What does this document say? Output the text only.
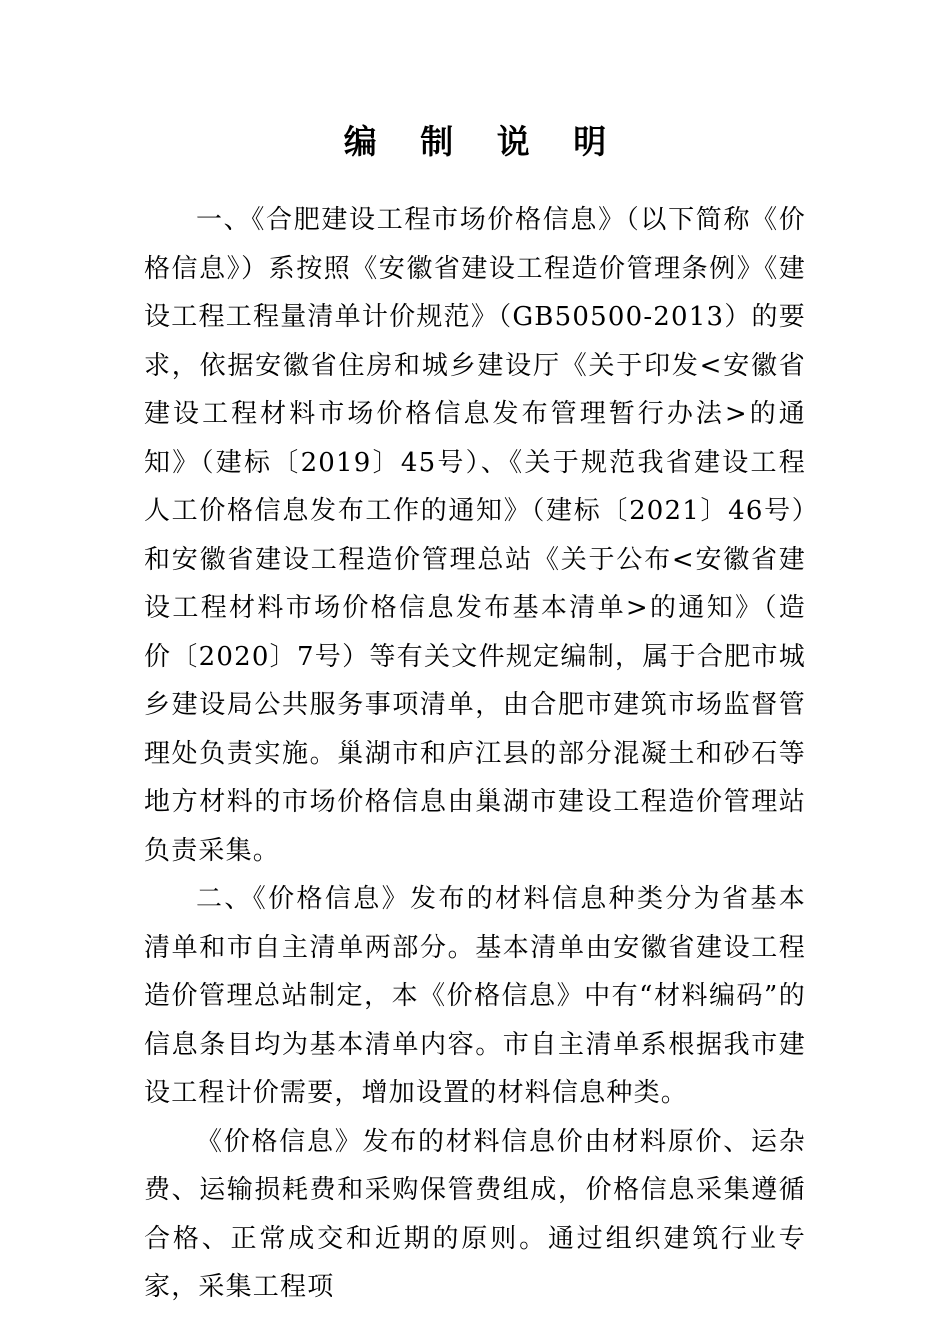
编 制 说 明

一、《合肥建设工程市场价格信息》（以下简称《价格信息》）系按照《安徽省建设工程造价管理条例》《建设工程工程量清单计价规范》（GB50500-2013）的要求，依据安徽省住房和城乡建设厅《关于印发<安徽省建设工程材料市场价格信息发布管理暂行办法>的通知》（建标〔2019〕45号）、《关于规范我省建设工程人工价格信息发布工作的通知》（建标〔2021〕46号）和安徽省建设工程造价管理总站《关于公布<安徽省建设工程材料市场价格信息发布基本清单>的通知》（造价〔2020〕7号）等有关文件规定编制，属于合肥市城乡建设局公共服务事项清单，由合肥市建筑市场监督管理处负责实施。巢湖市和庐江县的部分混凝土和砂石等地方材料的市场价格信息由巢湖市建设工程造价管理站负责采集。

二、《价格信息》发布的材料信息种类分为省基本清单和市自主清单两部分。基本清单由安徽省建设工程造价管理总站制定，本《价格信息》中有“材料编码”的信息条目均为基本清单内容。市自主清单系根据我市建设工程计价需要，增加设置的材料信息种类。

《价格信息》发布的材料信息价由材料原价、运杂费、运输损耗费和采购保管费组成，价格信息采集遵循合格、正常成交和近期的原则。通过组织建筑行业专家，采集工程项
